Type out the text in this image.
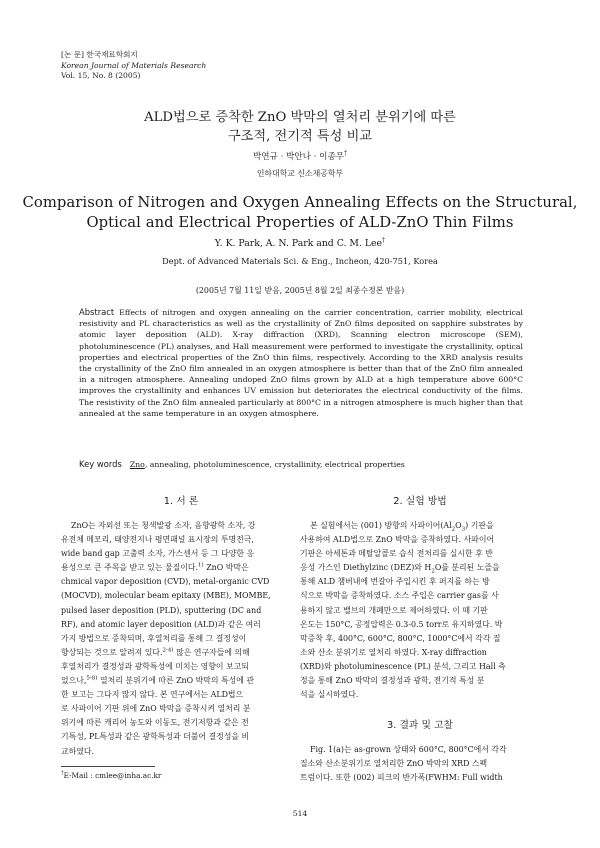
[논 문] 한국재료학회지
Korean Journal of Materials Research
Vol. 15, No. 8 (2005)
ALD법으로 증착한 ZnO 박막의 열처리 분위기에 따른
구조적, 전기적 특성 비교
박연규 · 박안나 · 이종무†
인하대학교 신소재공학부
Comparison of Nitrogen and Oxygen Annealing Effects on the Structural,
Optical and Electrical Properties of ALD-ZnO Thin Films
Y. K. Park, A. N. Park and C. M. Lee†
Dept. of Advanced Materials Sci. & Eng., Incheon, 420-751, Korea
(2005년 7월 11일 받음, 2005년 8월 2일 최종수정본 받음)
Abstract Effects of nitrogen and oxygen annealing on the carrier concentration, carrier mobility, electrical resistivity and PL characteristics as well as the crystallinity of ZnO films deposited on sapphire substrates by atomic layer deposition (ALD). X-ray diffraction (XRD), Scanning electron microscope (SEM), photoluminescence (PL) analyses, and Hall measurement were performed to investigate the crystallinity, optical properties and electrical properties of the ZnO thin films, respectively. According to the XRD analysis results the crystallinity of the ZnO film annealed in an oxygen atmosphere is better than that of the ZnO film annealed in a nitrogen atmosphere. Annealing undoped ZnO films grown by ALD at a high temperature above 600°C improves the crystallinity and enhances UV emission but deteriorates the electrical conductivity of the films. The resistivity of the ZnO film annealed particularly at 800°C in a nitrogen atmosphere is much higher than that annealed at the same temperature in an oxygen atmosphere.
Key words Zno, annealing, photoluminescence, crystallinity, electrical properties
1. 서 론	2. 실험 방법
3. 결과 및 고찰
ZnO는 자외선 또는 청색발광 소자, 음향광학 소자, 강
유전체 메모리, 태양전지나 평면패널 표시장의 투명전극,
wide band gap 고출력 소자, 가스센서 등 그 다양한 응
용성으로 큰 주목을 받고 있는 물질이다.$^{1)}$ ZnO 박막은
chmical vapor deposition (CVD), metal-organic CVD
(MOCVD), molecular beam epitaxy (MBE), MOMBE,
pulsed laser deposition (PLD), sputtering (DC and
RF), and atomic layer deposition (ALD)과 같은 여러
가지 방법으로 증착되며, 후열처리를 통해 그 결정성이
향상되는 것으로 알려져 있다.$^{2-4)}$ 많은 연구자들에 의해
후열처리가 결정성과 광학특성에 미치는 영향이 보고되
었으나,$^{5-8)}$ 열처리 분위기에 따른 ZnO 박막의 특성에 관
한 보고는 그다지 많지 않다. 본 연구에서는 ALD법으
로 사파이어 기판 위에 ZnO 박막을 증착시켜 열처리 분
위기에 따른 캐리어 농도와 이동도, 전기저항과 같은 전
기특성, PL특성과 같은 광학특성과 더불어 결정성을 비
교하였다.
본 실험에서는 (001) 방향의 사파이어$(Al_2O_3)$ 기판을
사용하여 ALD법으로 ZnO 박막을 증착하였다. 사파이어
기판은 아세톤과 메탈알콜로 습식 전처리를 실시한 후 반
응성 가스인 Diethylzinc (DEZ)와 $H_2O$를 분리된 노즐을
통해 ALD 챔버내에 번갈아 주입시킨 후 퍼지를 하는 방
식으로 박막을 증착하였다. 소스 주입은 carrier gas를 사
용하지 않고 밸브의 개폐만으로 제어하였다. 이 때 기판
온도는 150°C, 공정압력은 0.3-0.5 torr로 유지하였다. 박
막증착 후, 400°C, 600°C, 800°C, 1000°C에서 각각 질
소와 산소 분위기로 열처리 하였다. X-ray diffraction
(XRD)와 photoluminescence (PL) 분석, 그리고 Hall 측
정을 통해 ZnO 박막의 결정성과 광학, 전기적 특성 분
석을 실시하였다.
Fig. 1(a)는 as-grown 상태와 600°C, 800°C에서 각각
질소와 산소분위기로 열처리한 ZnO 박막의 XRD 스펙
트럼이다. 또한 (002) 피크의 반가폭(FWHM: Full width
†E-Mail : cmlee@inha.ac.kr
514
